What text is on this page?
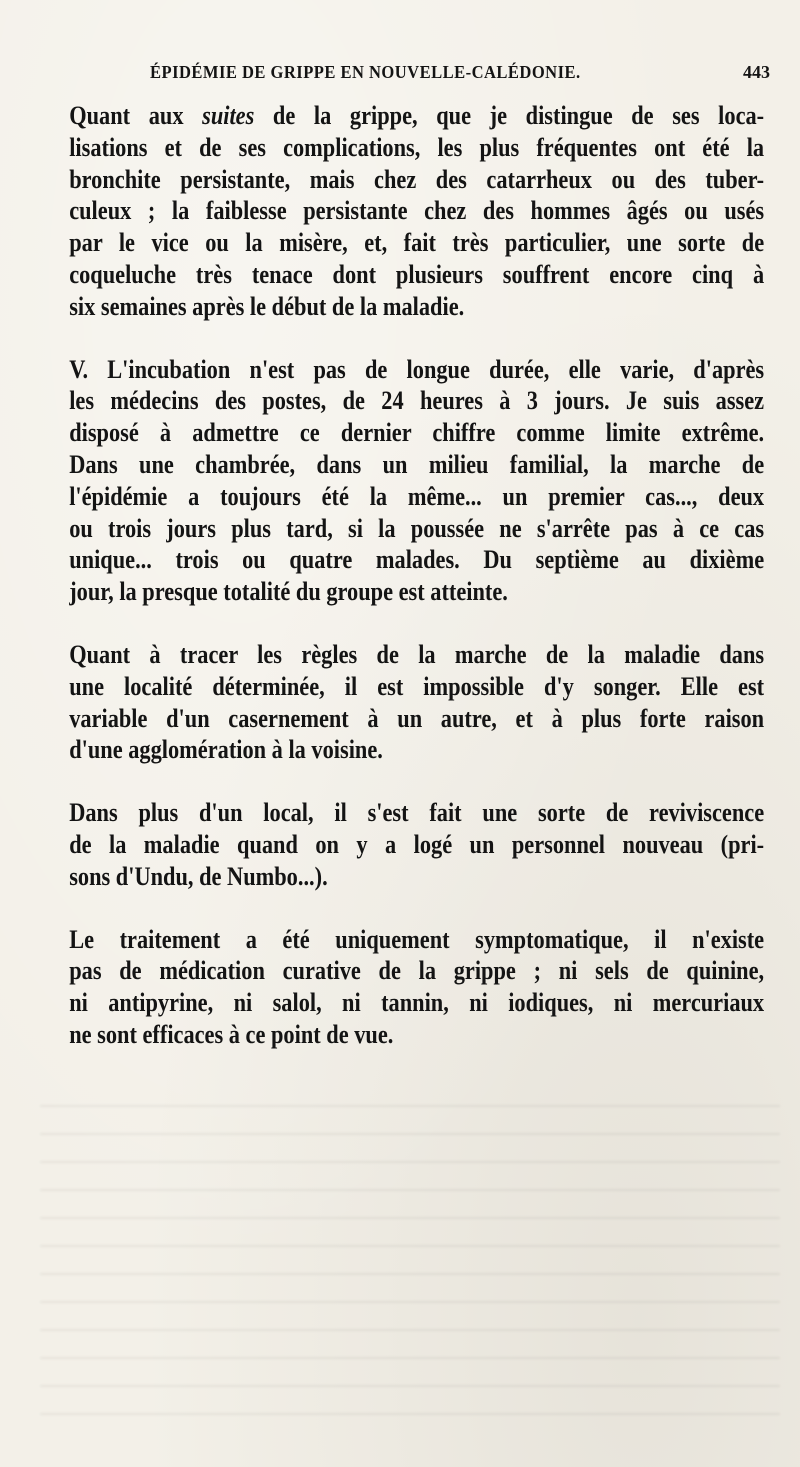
ÉPIDÉMIE DE GRIPPE EN NOUVELLE-CALÉDONIE.	443

Quant aux suites de la grippe, que je distingue de ses loca-
lisations et de ses complications, les plus fréquentes ont été la
bronchite persistante, mais chez des catarrheux ou des tuber-
culeux ; la faiblesse persistante chez des hommes âgés ou usés
par le vice ou la misère, et, fait très particulier, une sorte de
coqueluche très tenace dont plusieurs souffrent encore cinq à
six semaines après le début de la maladie.

V. L'incubation n'est pas de longue durée, elle varie, d'après
les médecins des postes, de 24 heures à 3 jours. Je suis assez
disposé à admettre ce dernier chiffre comme limite extrême.
Dans une chambrée, dans un milieu familial, la marche de
l'épidémie a toujours été la même... un premier cas..., deux
ou trois jours plus tard, si la poussée ne s'arrête pas à ce cas
unique... trois ou quatre malades. Du septième au dixième
jour, la presque totalité du groupe est atteinte.

Quant à tracer les règles de la marche de la maladie dans
une localité déterminée, il est impossible d'y songer. Elle est
variable d'un casernement à un autre, et à plus forte raison
d'une agglomération à la voisine.

Dans plus d'un local, il s'est fait une sorte de reviviscence
de la maladie quand on y a logé un personnel nouveau (pri-
sons d'Undu, de Numbo...).

Le traitement a été uniquement symptomatique, il n'existe
pas de médication curative de la grippe ; ni sels de quinine,
ni antipyrine, ni salol, ni tannin, ni iodiques, ni mercuriaux
ne sont efficaces à ce point de vue.
